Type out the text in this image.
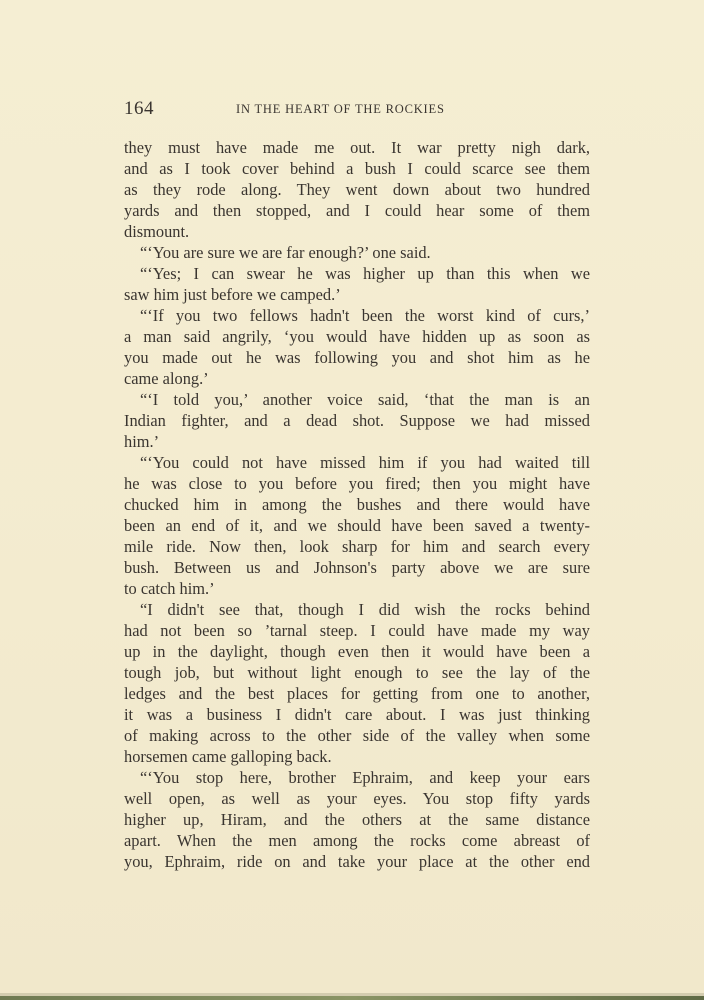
164	IN THE HEART OF THE ROCKIES
they must have made me out. It war pretty nigh dark,
and as I took cover behind a bush I could scarce see them
as they rode along. They went down about two hundred
yards and then stopped, and I could hear some of them
dismount.
“‘You are sure we are far enough?’ one said.
“‘Yes; I can swear he was higher up than this when we
saw him just before we camped.’
“‘If you two fellows hadn't been the worst kind of curs,’
a man said angrily, ‘you would have hidden up as soon as
you made out he was following you and shot him as he
came along.’
“‘I told you,’ another voice said, ‘that the man is an
Indian fighter, and a dead shot. Suppose we had missed
him.’
“‘You could not have missed him if you had waited till
he was close to you before you fired; then you might have
chucked him in among the bushes and there would have
been an end of it, and we should have been saved a twenty-
mile ride. Now then, look sharp for him and search every
bush. Between us and Johnson's party above we are sure
to catch him.’
“I didn't see that, though I did wish the rocks behind
had not been so ’tarnal steep. I could have made my way
up in the daylight, though even then it would have been a
tough job, but without light enough to see the lay of the
ledges and the best places for getting from one to another,
it was a business I didn't care about. I was just thinking
of making across to the other side of the valley when some
horsemen came galloping back.
“‘You stop here, brother Ephraim, and keep your ears
well open, as well as your eyes. You stop fifty yards
higher up, Hiram, and the others at the same distance
apart. When the men among the rocks come abreast of
you, Ephraim, ride on and take your place at the other end
